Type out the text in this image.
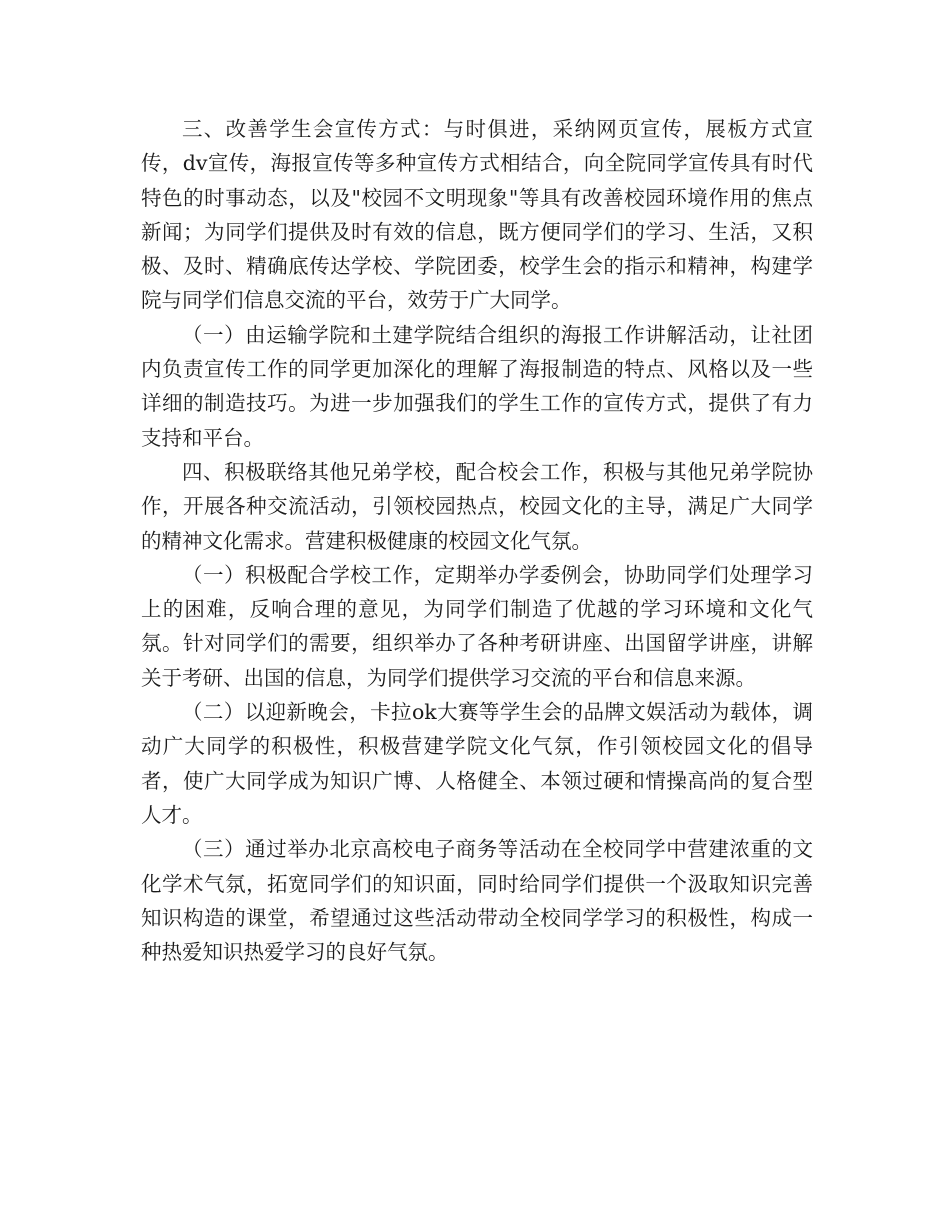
三、改善学生会宣传方式：与时俱进，采纳网页宣传，展板方式宣传，dv宣传，海报宣传等多种宣传方式相结合，向全院同学宣传具有时代特色的时事动态，以及"校园不文明现象"等具有改善校园环境作用的焦点新闻；为同学们提供及时有效的信息，既方便同学们的学习、生活，又积极、及时、精确底传达学校、学院团委，校学生会的指示和精神，构建学院与同学们信息交流的平台，效劳于广大同学。

（一）由运输学院和土建学院结合组织的海报工作讲解活动，让社团内负责宣传工作的同学更加深化的理解了海报制造的特点、风格以及一些详细的制造技巧。为进一步加强我们的学生工作的宣传方式，提供了有力支持和平台。

四、积极联络其他兄弟学校，配合校会工作，积极与其他兄弟学院协作，开展各种交流活动，引领校园热点，校园文化的主导，满足广大同学的精神文化需求。营建积极健康的校园文化气氛。

（一）积极配合学校工作，定期举办学委例会，协助同学们处理学习上的困难，反响合理的意见，为同学们制造了优越的学习环境和文化气氛。针对同学们的需要，组织举办了各种考研讲座、出国留学讲座，讲解关于考研、出国的信息，为同学们提供学习交流的平台和信息来源。

（二）以迎新晚会，卡拉ok大赛等学生会的品牌文娱活动为载体，调动广大同学的积极性，积极营建学院文化气氛，作引领校园文化的倡导者，使广大同学成为知识广博、人格健全、本领过硬和情操高尚的复合型人才。

（三）通过举办北京高校电子商务等活动在全校同学中营建浓重的文化学术气氛，拓宽同学们的知识面，同时给同学们提供一个汲取知识完善知识构造的课堂，希望通过这些活动带动全校同学学习的积极性，构成一种热爱知识热爱学习的良好气氛。
